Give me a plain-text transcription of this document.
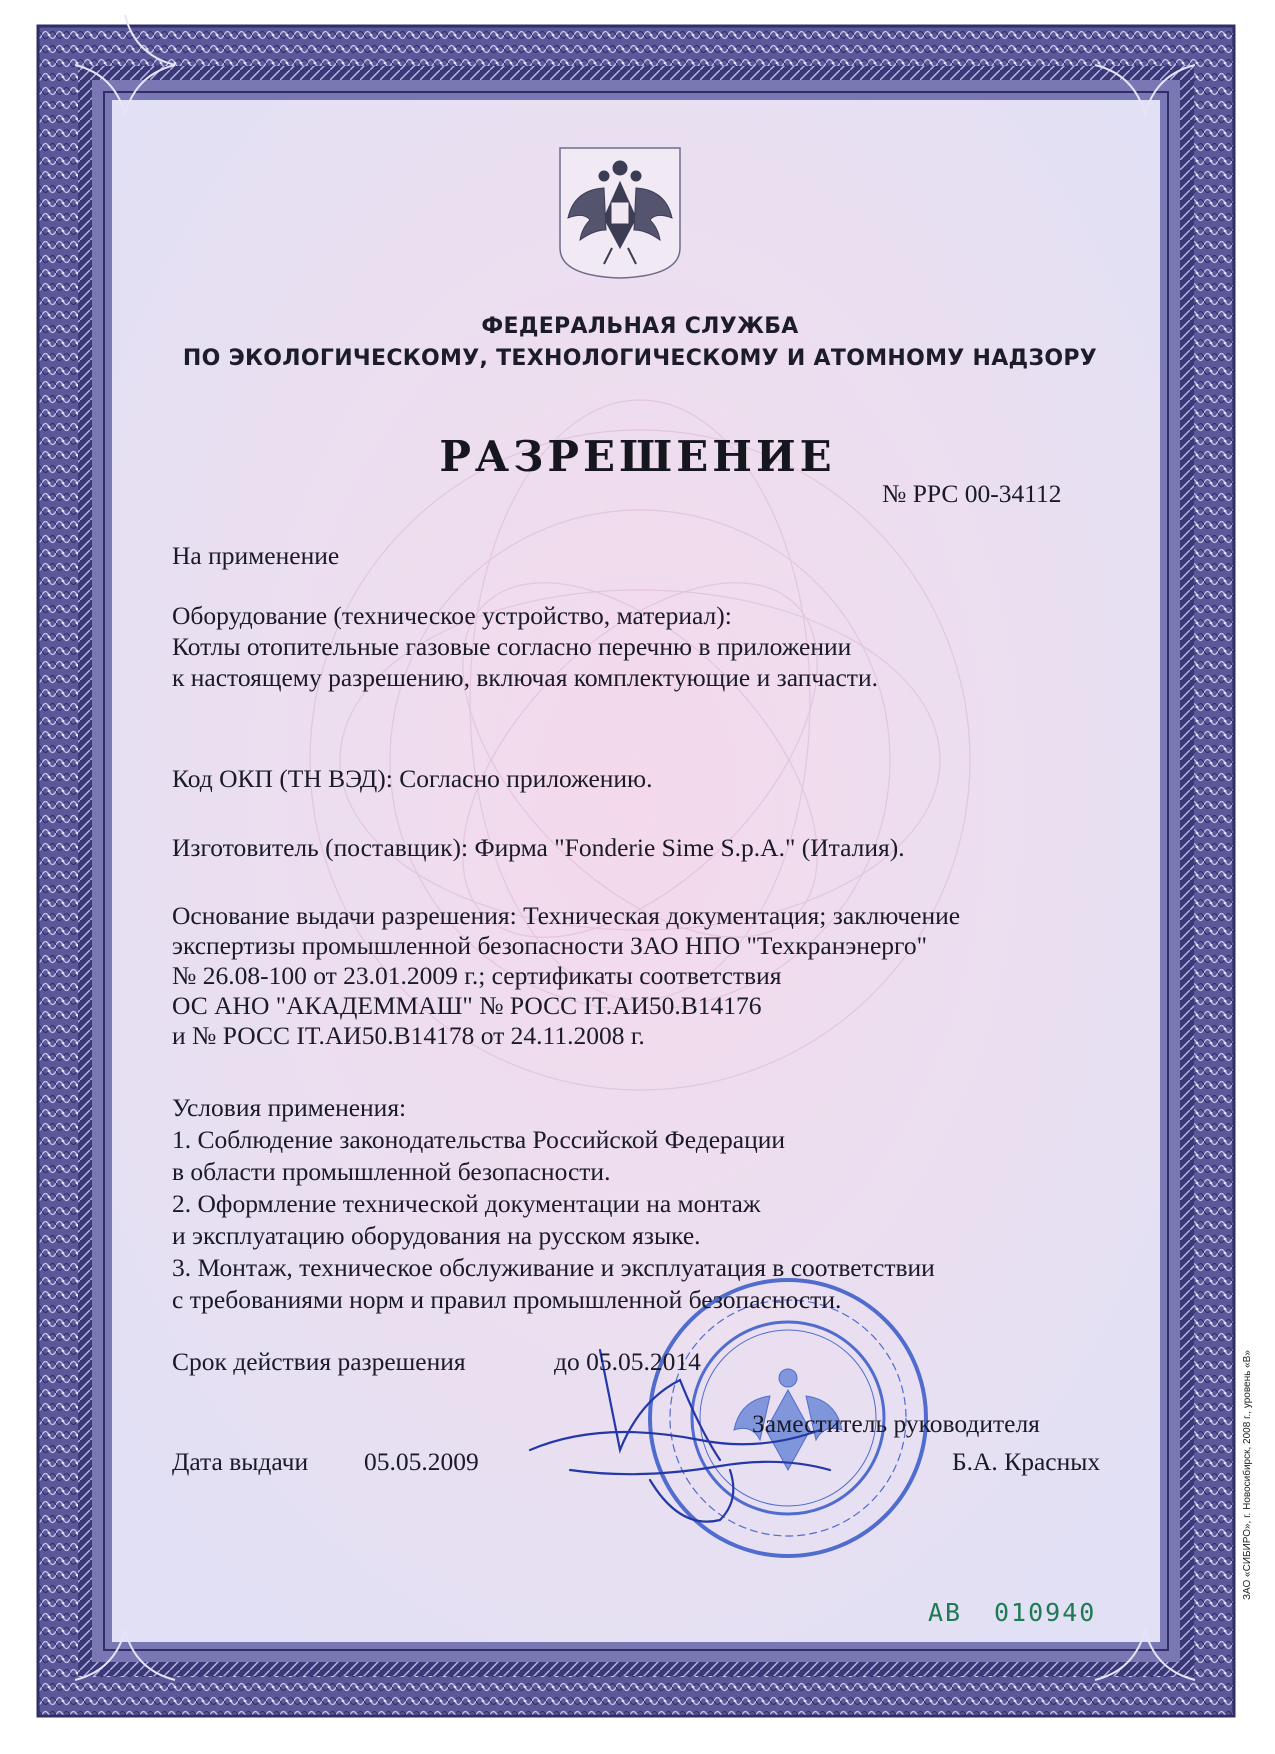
ФЕДЕРАЛЬНАЯ СЛУЖБА

ПО ЭКОЛОГИЧЕСКОМУ, ТЕХНОЛОГИЧЕСКОМУ И АТОМНОМУ НАДЗОРУ

РАЗРЕШЕНИЕ

№ РРС 00-34112

На применение

Оборудование (техническое устройство, материал):

Котлы отопительные газовые согласно перечню в приложении

к настоящему разрешению, включая комплектующие и запчасти.

Код ОКП (ТН ВЭД): Согласно приложению.

Изготовитель (поставщик): Фирма "Fonderie Sime S.p.A." (Италия).

Основание выдачи разрешения: Техническая документация; заключение

экспертизы промышленной безопасности ЗАО НПО "Техкранэнерго"

№ 26.08-100 от 23.01.2009 г.; сертификаты соответствия

ОС АНО "АКАДЕММАШ" № РОСС IT.АИ50.В14176

и № РОСС IT.АИ50.В14178 от 24.11.2008 г.

Условия применения:

1. Соблюдение законодательства Российской Федерации

в области промышленной безопасности.

2. Оформление технической документации на монтаж

и эксплуатацию оборудования на русском языке.

3. Монтаж, техническое обслуживание и эксплуатация в соответствии

с требованиями норм и правил промышленной безопасности.

Срок действия разрешения	до 05.05.2014

Заместитель руководителя

Дата выдачи 05.05.2009	Б.А. Красных

АВ 010940

ЗАО «СИБИРО», г. Новосибирск, 2008 г., уровень «В»
